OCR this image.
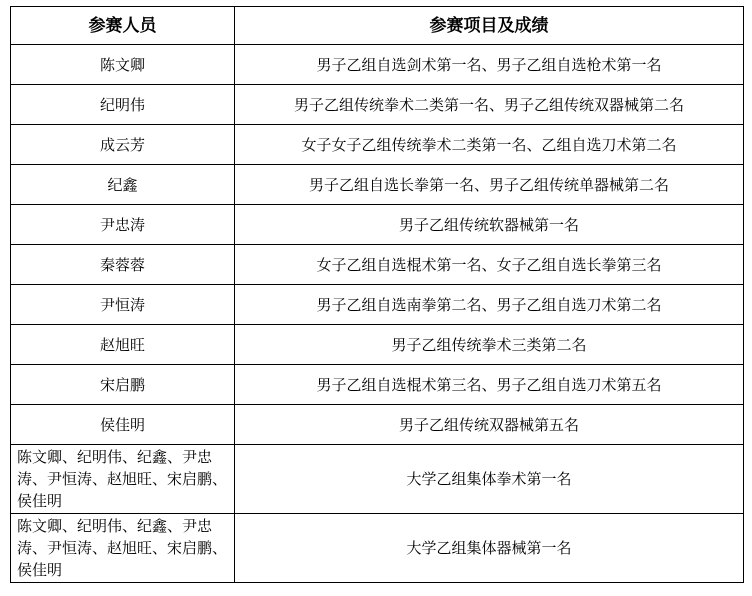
参赛人员	参赛项目及成绩
陈文卿	男子乙组自选剑术第一名、男子乙组自选枪术第一名
纪明伟	男子乙组传统拳术二类第一名、男子乙组传统双器械第二名
成云芳	女子女子乙组传统拳术二类第一名、乙组自选刀术第二名
纪鑫	男子乙组自选长拳第一名、男子乙组传统单器械第二名
尹忠涛	男子乙组传统软器械第一名
秦蓉蓉	女子乙组自选棍术第一名、女子乙组自选长拳第三名
尹恒涛	男子乙组自选南拳第二名、男子乙组自选刀术第二名
赵旭旺	男子乙组传统拳术三类第二名
宋启鹏	男子乙组自选棍术第三名、男子乙组自选刀术第五名
侯佳明	男子乙组传统双器械第五名
陈文卿、纪明伟、纪鑫、尹忠涛、尹恒涛、赵旭旺、宋启鹏、侯佳明	大学乙组集体拳术第一名
陈文卿、纪明伟、纪鑫、尹忠涛、尹恒涛、赵旭旺、宋启鹏、侯佳明	大学乙组集体器械第一名
